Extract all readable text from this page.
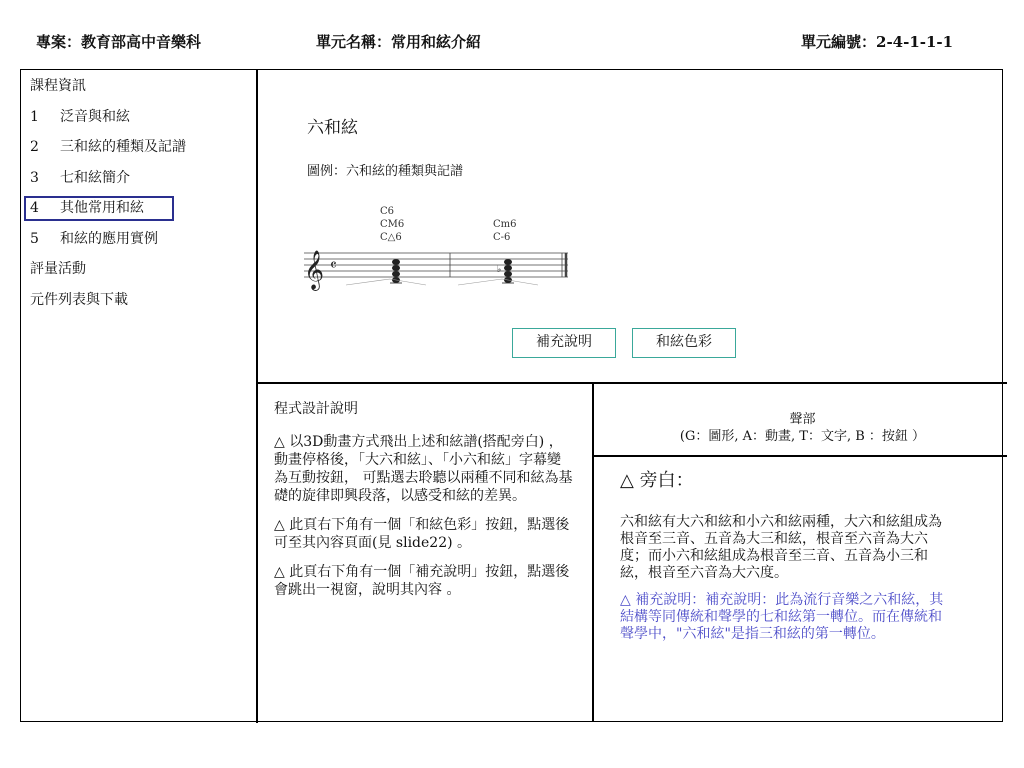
專案：教育部高中音樂科	單元名稱：常用和絃介紹	單元編號：2-4-1-1-1
課程資訊
1 泛音與和絃
2 三和絃的種類及記譜
3 七和絃簡介
4 其他常用和絃
5 和絃的應用實例
評量活動
元件列表與下載
六和絃
圖例：六和絃的種類與記譜
C6
CM6
C△6
Cm6
C-6
𝄞 𝄴	♭
補充說明	和絃色彩

程式設計說明

△ 以3D動畫方式飛出上述和絃譜(搭配旁白) ， 動畫停格後，「大六和絃」、「小六和絃」字幕變為互動按鈕， 可點選去聆聽以兩種不同和絃為基礎的旋律即興段落，以感受和絃的差異。

△ 此頁右下角有一個「和絃色彩」按鈕，點選後可至其內容頁面(見 slide22) 。

△ 此頁右下角有一個「補充說明」按鈕，點選後會跳出一視窗，說明其內容 。

聲部
(G：圖形, A：動畫, T：文字, B ：按鈕 ）
△ 旁白：
六和絃有大六和絃和小六和絃兩種，大六和絃組成為根音至三音、五音為大三和絃，根音至六音為大六度；而小六和絃組成為根音至三音、五音為小三和絃，根音至六音為大六度。
△ 補充說明：補充說明：此為流行音樂之六和絃，其結構等同傳統和聲學的七和絃第一轉位。而在傳統和聲學中，"六和絃"是指三和絃的第一轉位。
